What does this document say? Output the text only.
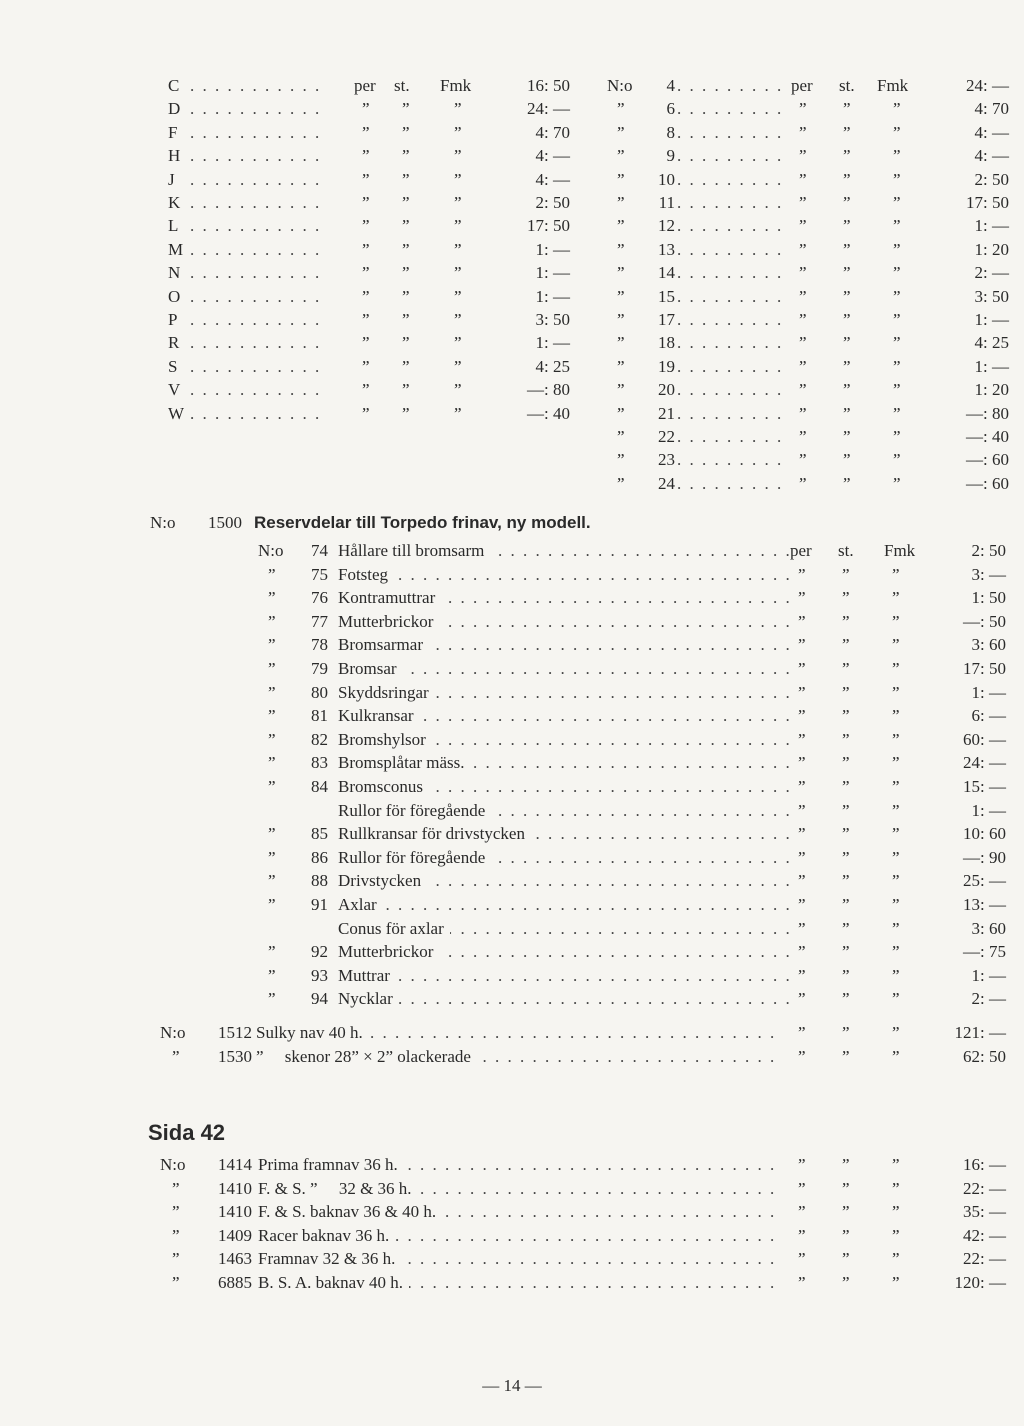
C . . .	per st. Fmk	16: 50
D . . .	” ”	”	24: —
F . . .	” ”	”	4: 70
H . . .	” ”	”	4: —
J . . .	” ”	”	4: —
K . . .	” ”	”	2: 50
L . . .	” ”	”	17: 50
M . . .	” ”	”	1: —
N . . .	” ”	”	1: —
O . . .	” ”	”	1: —
P . . .	” ”	”	3: 50
R . . .	” ”	”	1: —
S . . .	” ”	”	4: 25
V . . .	” ”	”	—: 80
W . . .	” ”	”	—: 40
N:o	4 . . .	per st. Fmk	24: —
”	6 . . .	” ” ”	4: 70
”	8 . . .	” ” ”	4: —
”	9 . . .	” ” ”	4: —
”	10 . . .	” ” ”	2: 50
”	11 . . .	” ” ”	17: 50
”	12 . . .	” ” ”	1: —
”	13 . . .	” ” ”	1: 20
”	14 . . .	” ” ”	2: —
”	15 . . .	” ” ”	3: 50
”	17 . . .	” ” ”	1: —
”	18 . . .	” ” ”	4: 25
”	19 . . .	” ” ”	1: —
”	20 . . .	” ” ”	1: 20
”	21 . . .	” ” ”	—: 80
”	22 . . .	” ” ”	—: 40
”	23 . . .	” ” ”	—: 60
”	24 . . .	” ” ”	—: 60
N:o 1500 Reservdelar till Torpedo frinav, ny modell.
N:o	74 . . . Hållare till bromsarm	per st. Fmk	2: 50
”	75 . . . Fotsteg	” ” ”	3: —
”	76 . . . Kontramuttrar	” ” ”	1: 50
”	77 . . . Mutterbrickor	” ” ”	—: 50
”	78 . . . Bromsarmar	” ” ”	3: 60
”	79 . . . Bromsar	” ” ”	17: 50
”	80 . . . Skyddsringar	” ” ”	1: —
”	81 . . . Kulkransar	” ” ”	6: —
”	82 . . . Bromshylsor	” ” ”	60: —
”	83 . . . Bromsplåtar mäss.	” ” ”	24: —
”	84 . . . Bromsconus	” ” ”	15: —
. . .
Rullor för föregående	” ” ”	1: —
”	85 . . . Rullkransar för drivstycken	” ” ”	10: 60
”	86 . . . Rullor för föregående	” ” ”	—: 90
”	88 . . . Drivstycken	” ” ”	25: —
”	91 . . . Axlar	” ” ”	13: —
. . .
Conus för axlar	” ” ”	3: 60
”	92 . . . Mutterbrickor	” ” ”	—: 75
”	93 . . . Muttrar	” ” ”	1: —
”	94 . . . Nycklar	” ” ”	2: —
N:o	1512 . . . Sulky nav 40 h.	” ” ”	121: —
”	1530 . . . ”  skenor 28” × 2” olackerade	” ” ”	62: 50
Sida 42
N:o	1414 . . . Prima framnav 36 h.	” ” ”	16: —
”	1410 . . . F. & S. ”  32 & 36 h.	” ” ”	22: —
”	1410 . . . F. & S. baknav 36 & 40 h.	” ” ”	35: —
”	1409 . . . Racer baknav 36 h.	” ” ”	42: —
”	1463 . . . Framnav 32 & 36 h.	” ” ”	22: —
”	6885 . . . B. S. A. baknav 40 h.	” ” ”	120: —
— 14 —
